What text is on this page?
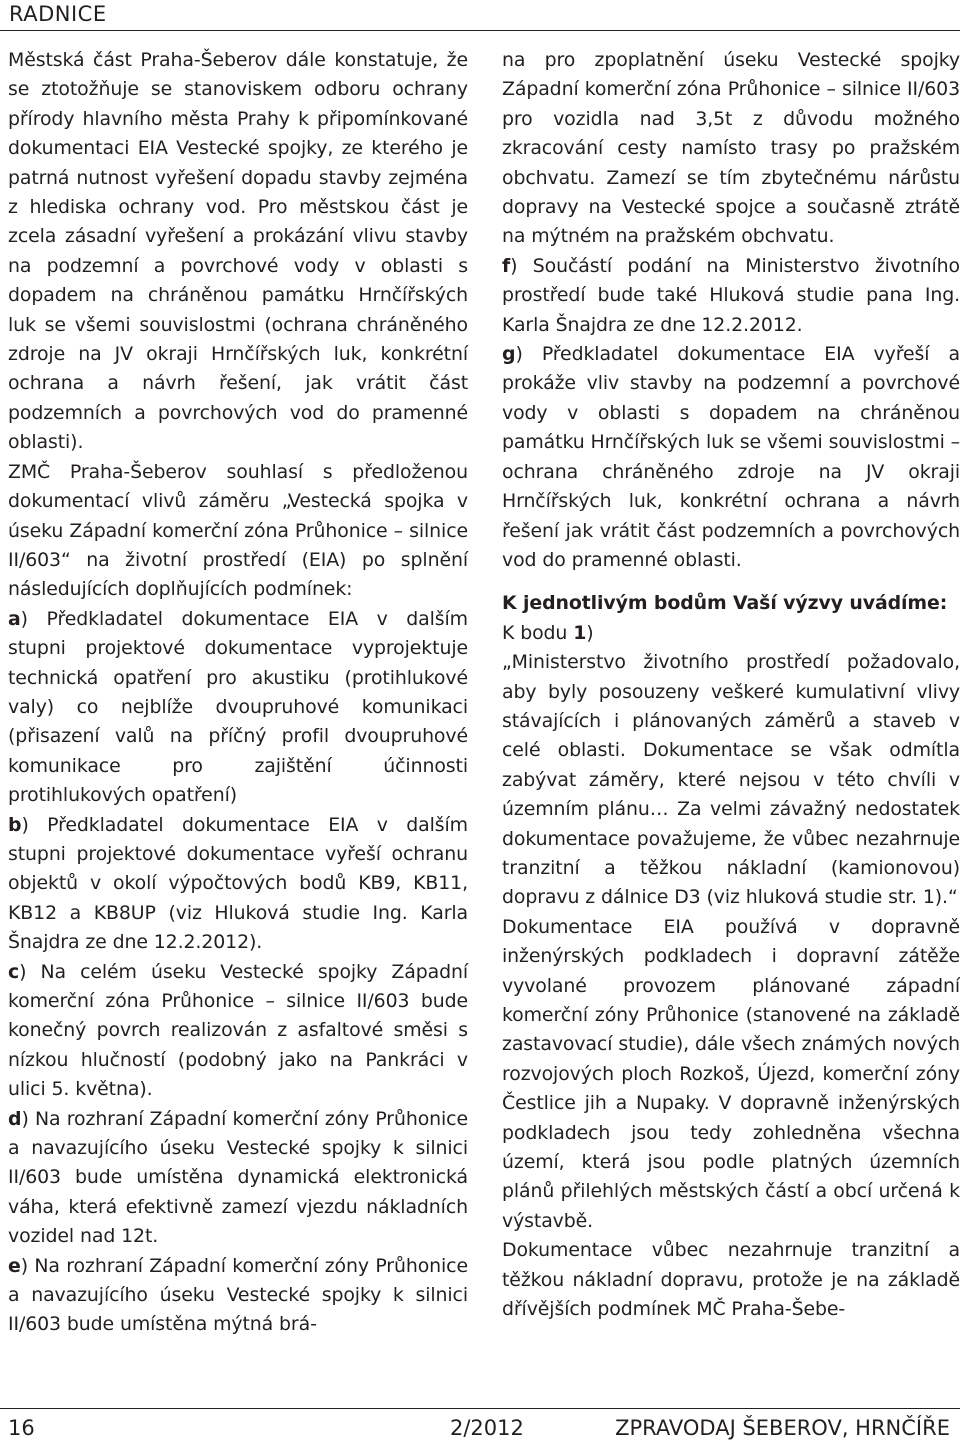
RADNICE

Městská část Praha-Šeberov dále konstatuje, že se ztotožňuje se stanoviskem odboru ochrany přírody hlavního města Prahy k připomínkované dokumentaci EIA Vestecké spojky, ze kterého je patrná nutnost vyřešení dopadu stavby zejména z hlediska ochrany vod. Pro městskou část je zcela zásadní vyřešení a prokázání vlivu stavby na podzemní a povrchové vody v oblasti s dopadem na chráněnou památku Hrnčířských luk se všemi souvislostmi (ochrana chráněného zdroje na JV okraji Hrnčířských luk, konkrétní ochrana a návrh řešení, jak vrátit část podzemních a povrchových vod do pramenné oblasti).

ZMČ Praha-Šeberov souhlasí s předloženou dokumentací vlivů záměru „Vestecká spojka v úseku Západní komerční zóna Průhonice – silnice II/603“ na životní prostředí (EIA) po splnění následujících doplňujících podmínek:

a) Předkladatel dokumentace EIA v dalším stupni projektové dokumentace vyprojektuje technická opatření pro akustiku (protihlukové valy) co nejblíže dvoupruhové komunikaci (přisazení valů na příčný profil dvoupruhové komunikace pro zajištění účinnosti protihlukových opatření)

b) Předkladatel dokumentace EIA v dalším stupni projektové dokumentace vyřeší ochranu objektů v okolí výpočtových bodů KB9, KB11, KB12 a KB8UP (viz Hluková studie Ing. Karla Šnajdra ze dne 12.2.2012).

c) Na celém úseku Vestecké spojky Západní komerční zóna Průhonice – silnice II/603 bude konečný povrch realizován z asfaltové směsi s nízkou hlučností (podobný jako na Pankráci v ulici 5. května).

d) Na rozhraní Západní komerční zóny Průhonice a navazujícího úseku Vestecké spojky k silnici II/603 bude umístěna dynamická elektronická váha, která efektivně zamezí vjezdu nákladních vozidel nad 12t.

e) Na rozhraní Západní komerční zóny Průhonice a navazujícího úseku Vestecké spojky k silnici II/603 bude umístěna mýtná brá-

na pro zpoplatnění úseku Vestecké spojky Západní komerční zóna Průhonice – silnice II/603 pro vozidla nad 3,5t z důvodu možného zkracování cesty namísto trasy po pražském obchvatu. Zamezí se tím zbytečnému nárůstu dopravy na Vestecké spojce a současně ztrátě na mýtném na pražském obchvatu.

f) Součástí podání na Ministerstvo životního prostředí bude také Hluková studie pana Ing. Karla Šnajdra ze dne 12.2.2012.

g) Předkladatel dokumentace EIA vyřeší a prokáže vliv stavby na podzemní a povrchové vody v oblasti s dopadem na chráněnou památku Hrnčířských luk se všemi souvislostmi – ochrana chráněného zdroje na JV okraji Hrnčířských luk, konkrétní ochrana a návrh řešení jak vrátit část podzemních a povrchových vod do pramenné oblasti.

K jednotlivým bodům Vaší výzvy uvádíme:

K bodu 1)

„Ministerstvo životního prostředí požadovalo, aby byly posouzeny veškeré kumulativní vlivy stávajících i plánovaných záměrů a staveb v celé oblasti. Dokumentace se však odmítla zabývat záměry, které nejsou v této chvíli v územním plánu… Za velmi závažný nedostatek dokumentace považujeme, že vůbec nezahrnuje tranzitní a těžkou nákladní (kamionovou) dopravu z dálnice D3 (viz hluková studie str. 1).“

Dokumentace EIA používá v dopravně inženýrských podkladech i dopravní zátěže vyvolané provozem plánované západní komerční zóny Průhonice (stanovené na základě zastavovací studie), dále všech známých nových rozvojových ploch Rozkoš, Újezd, komerční zóny Čestlice jih a Nupaky. V dopravně inženýrských podkladech jsou tedy zohledněna všechna území, která jsou podle platných územních plánů přilehlých městských částí a obcí určená k výstavbě.

Dokumentace vůbec nezahrnuje tranzitní a těžkou nákladní dopravu, protože je na základě dřívějších podmínek MČ Praha-Šebe-

16	2/2012	ZPRAVODAJ ŠEBEROV, HRNČÍŘE
